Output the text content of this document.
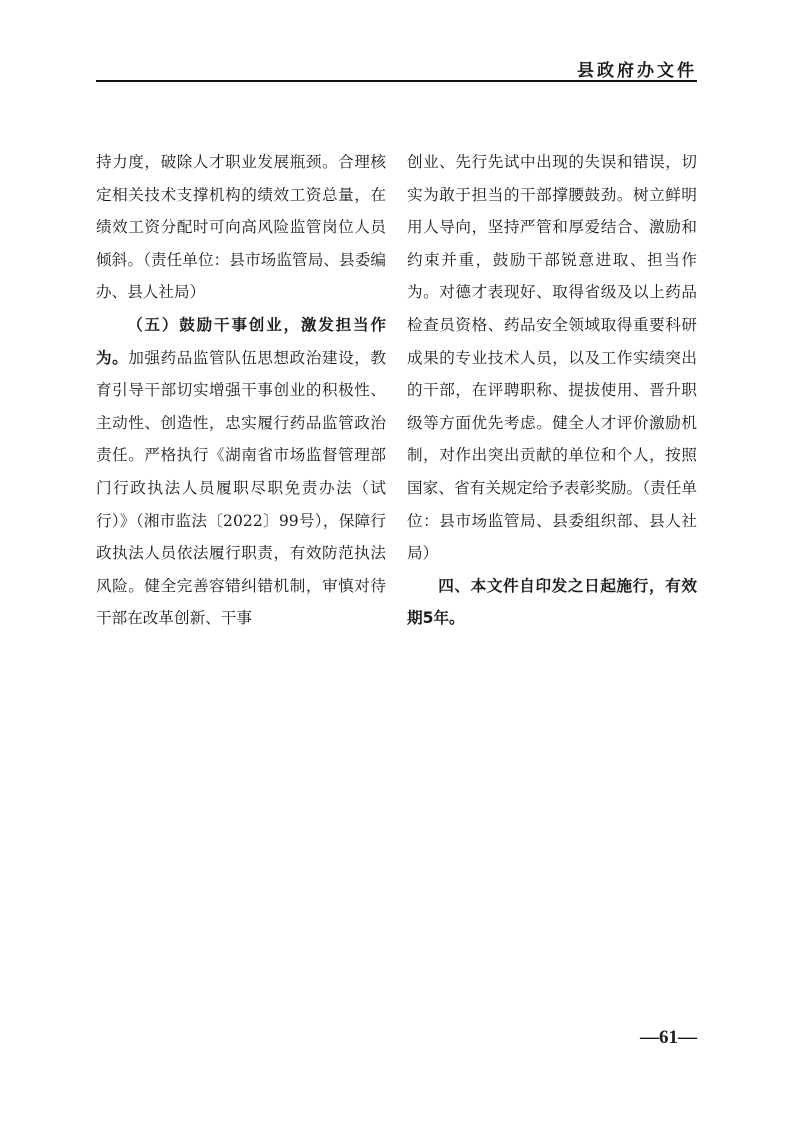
县政府办文件

持力度，破除人才职业发展瓶颈。合理核定相关技术支撑机构的绩效工资总量，在绩效工资分配时可向高风险监管岗位人员倾斜。（责任单位：县市场监管局、县委编办、县人社局）

（五）鼓励干事创业，激发担当作为。加强药品监管队伍思想政治建设，教育引导干部切实增强干事创业的积极性、主动性、创造性，忠实履行药品监管政治责任。严格执行《湖南省市场监督管理部门行政执法人员履职尽职免责办法（试行）》（湘市监法〔2022〕99号），保障行政执法人员依法履行职责，有效防范执法风险。健全完善容错纠错机制，审慎对待干部在改革创新、干事

创业、先行先试中出现的失误和错误，切实为敢于担当的干部撑腰鼓劲。树立鲜明用人导向，坚持严管和厚爱结合、激励和约束并重，鼓励干部锐意进取、担当作为。对德才表现好、取得省级及以上药品检查员资格、药品安全领域取得重要科研成果的专业技术人员，以及工作实绩突出的干部，在评聘职称、提拔使用、晋升职级等方面优先考虑。健全人才评价激励机制，对作出突出贡献的单位和个人，按照国家、省有关规定给予表彰奖励。（责任单位：县市场监管局、县委组织部、县人社局）

四、本文件自印发之日起施行，有效期5年。

—61—
